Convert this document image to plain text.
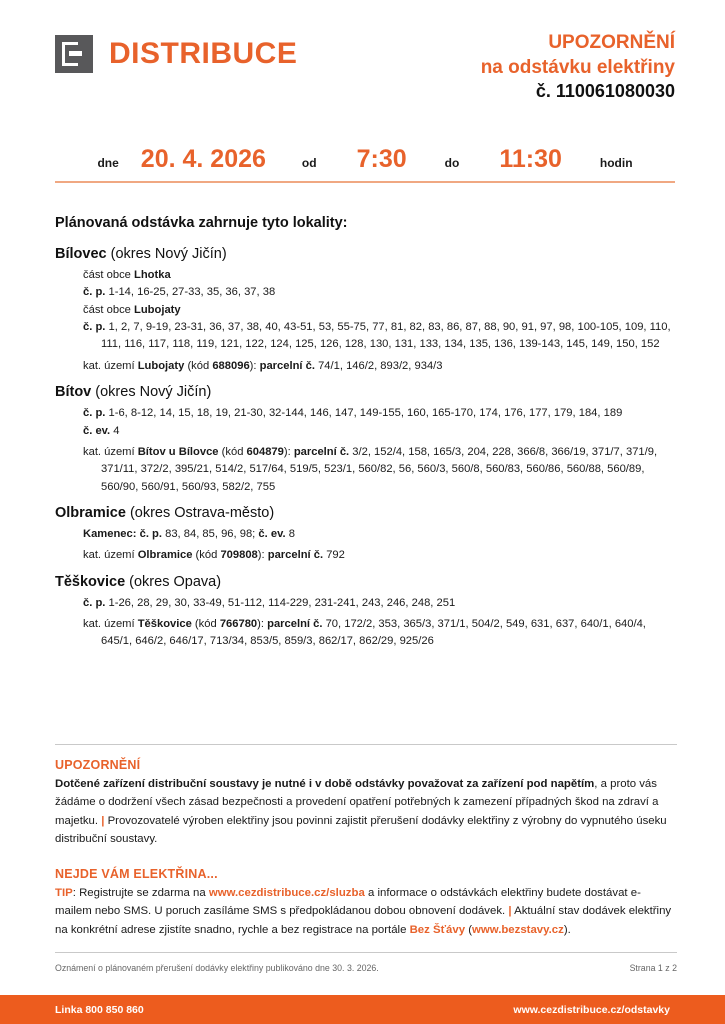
DISTRIBUCE	UPOZORNĚNÍ
na odstávku elektřiny
č. 110061080030
dne 20. 4. 2026	od 7:30	do 11:30	hodin
Plánovaná odstávka zahrnuje tyto lokality:
Bílovec (okres Nový Jičín)
část obce Lhotka
č. p. 1-14, 16-25, 27-33, 35, 36, 37, 38
část obce Lubojaty
č. p. 1, 2, 7, 9-19, 23-31, 36, 37, 38, 40, 43-51, 53, 55-75, 77, 81, 82, 83, 86, 87, 88, 90, 91, 97, 98, 100-105, 109, 110, 111, 116, 117, 118, 119, 121, 122, 124, 125, 126, 128, 130, 131, 133, 134, 135, 136, 139-143, 145, 149, 150, 152
kat. území Lubojaty (kód 688096): parcelní č. 74/1, 146/2, 893/2, 934/3
Bítov (okres Nový Jičín)
č. p. 1-6, 8-12, 14, 15, 18, 19, 21-30, 32-144, 146, 147, 149-155, 160, 165-170, 174, 176, 177, 179, 184, 189
č. ev. 4
kat. území Bítov u Bílovce (kód 604879): parcelní č. 3/2, 152/4, 158, 165/3, 204, 228, 366/8, 366/19, 371/7, 371/9, 371/11, 372/2, 395/21, 514/2, 517/64, 519/5, 523/1, 560/82, 56, 560/3, 560/8, 560/83, 560/86, 560/88, 560/89, 560/90, 560/91, 560/93, 582/2, 755
Olbramice (okres Ostrava-město)
Kamenec: č. p. 83, 84, 85, 96, 98; č. ev. 8
kat. území Olbramice (kód 709808): parcelní č. 792
Těškovice (okres Opava)
č. p. 1-26, 28, 29, 30, 33-49, 51-112, 114-229, 231-241, 243, 246, 248, 251
kat. území Těškovice (kód 766780): parcelní č. 70, 172/2, 353, 365/3, 371/1, 504/2, 549, 631, 637, 640/1, 640/4, 645/1, 646/2, 646/17, 713/34, 853/5, 859/3, 862/17, 862/29, 925/26
UPOZORNĚNÍ
Dotčené zařízení distribuční soustavy je nutné i v době odstávky považovat za zařízení pod napětím, a proto vás žádáme o dodržení všech zásad bezpečnosti a provedení opatření potřebných k zamezení případných škod na zdraví a majetku. | Provozovatelé výroben elektřiny jsou povinni zajistit přerušení dodávky elektřiny z výrobny do vypnutého úseku distribuční soustavy.
NEJDE VÁM ELEKTŘINA...
TIP: Registrujte se zdarma na www.cezdistribuce.cz/sluzba a informace o odstávkách elektřiny budete dostávat e-mailem nebo SMS. U poruch zasíláme SMS s předpokládanou dobou obnovení dodávek. | Aktuální stav dodávek elektřiny na konkrétní adrese zjistíte snadno, rychle a bez registrace na portále Bez Šťávy (www.bezstavy.cz).
Oznámení o plánovaném přerušení dodávky elektřiny publikováno dne 30. 3. 2026.	Strana 1 z 2
Linka 800 850 860	www.cezdistribuce.cz/odstavky
